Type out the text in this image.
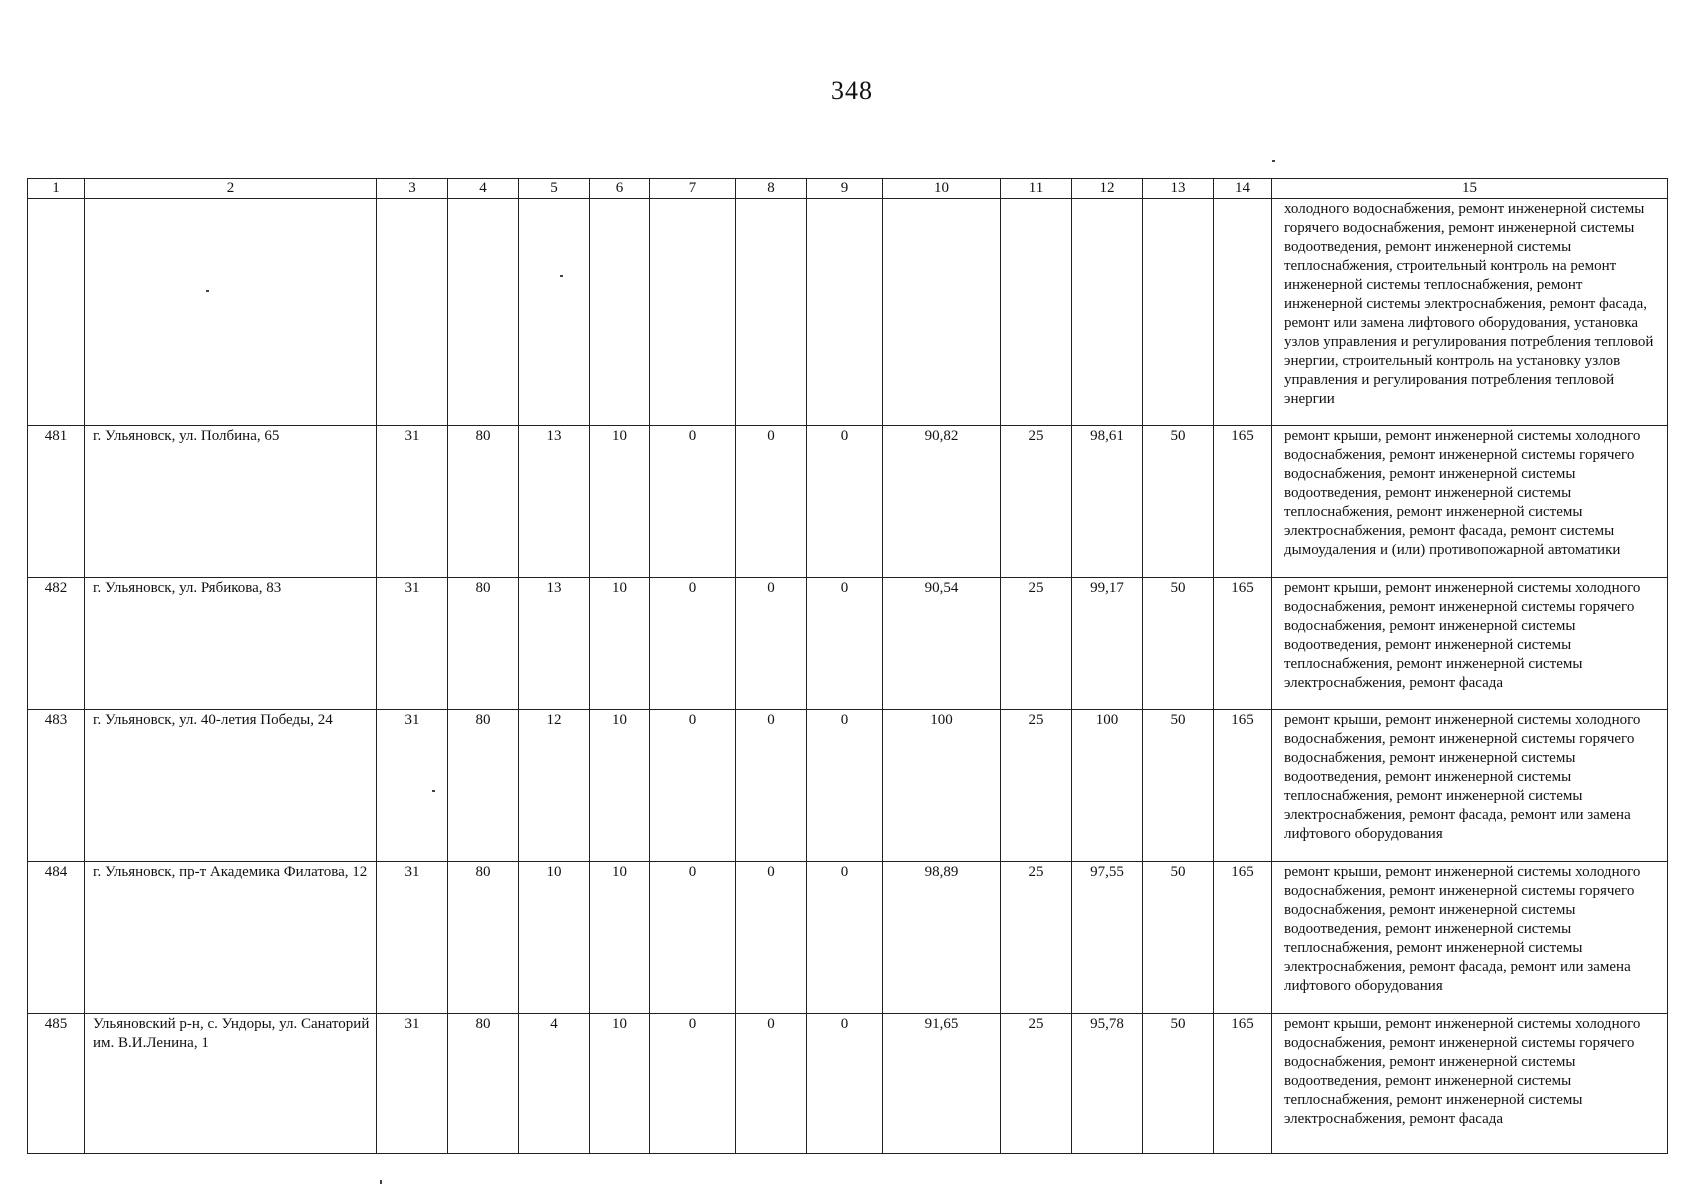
348
1	2	3	4	5	6	7	8	9	10	11	12	13	14	15
														холодного водоснабжения, ремонт инженерной системы горячего водоснабжения, ремонт инженерной системы водоотведения, ремонт инженерной системы теплоснабжения, строительный контроль на ремонт инженерной системы теплоснабжения, ремонт инженерной системы электроснабжения, ремонт фасада, ремонт или замена лифтового оборудования, установка узлов управления и регулирования потребления тепловой энергии, строительный контроль на установку узлов управления и регулирования потребления тепловой энергии
481	г. Ульяновск, ул. Полбина, 65	31	80	13	10	0	0	0	90,82	25	98,61	50	165	ремонт крыши, ремонт инженерной системы холодного водоснабжения, ремонт инженерной системы горячего водоснабжения, ремонт инженерной системы водоотведения, ремонт инженерной системы теплоснабжения, ремонт инженерной системы электроснабжения, ремонт фасада, ремонт системы дымоудаления и (или) противопожарной автоматики
482	г. Ульяновск, ул. Рябикова, 83	31	80	13	10	0	0	0	90,54	25	99,17	50	165	ремонт крыши, ремонт инженерной системы холодного водоснабжения, ремонт инженерной системы горячего водоснабжения, ремонт инженерной системы водоотведения, ремонт инженерной системы теплоснабжения, ремонт инженерной системы электроснабжения, ремонт фасада
483	г. Ульяновск, ул. 40-летия Победы, 24	31	80	12	10	0	0	0	100	25	100	50	165	ремонт крыши, ремонт инженерной системы холодного водоснабжения, ремонт инженерной системы горячего водоснабжения, ремонт инженерной системы водоотведения, ремонт инженерной системы теплоснабжения, ремонт инженерной системы электроснабжения, ремонт фасада, ремонт или замена лифтового оборудования
484	г. Ульяновск, пр-т Академика Филатова, 12	31	80	10	10	0	0	0	98,89	25	97,55	50	165	ремонт крыши, ремонт инженерной системы холодного водоснабжения, ремонт инженерной системы горячего водоснабжения, ремонт инженерной системы водоотведения, ремонт инженерной системы теплоснабжения, ремонт инженерной системы электроснабжения, ремонт фасада, ремонт или замена лифтового оборудования
485	Ульяновский р-н, с. Ундоры, ул. Санаторий им. В.И.Ленина, 1	31	80	4	10	0	0	0	91,65	25	95,78	50	165	ремонт крыши, ремонт инженерной системы холодного водоснабжения, ремонт инженерной системы горячего водоснабжения, ремонт инженерной системы водоотведения, ремонт инженерной системы теплоснабжения, ремонт инженерной системы электроснабжения, ремонт фасада
